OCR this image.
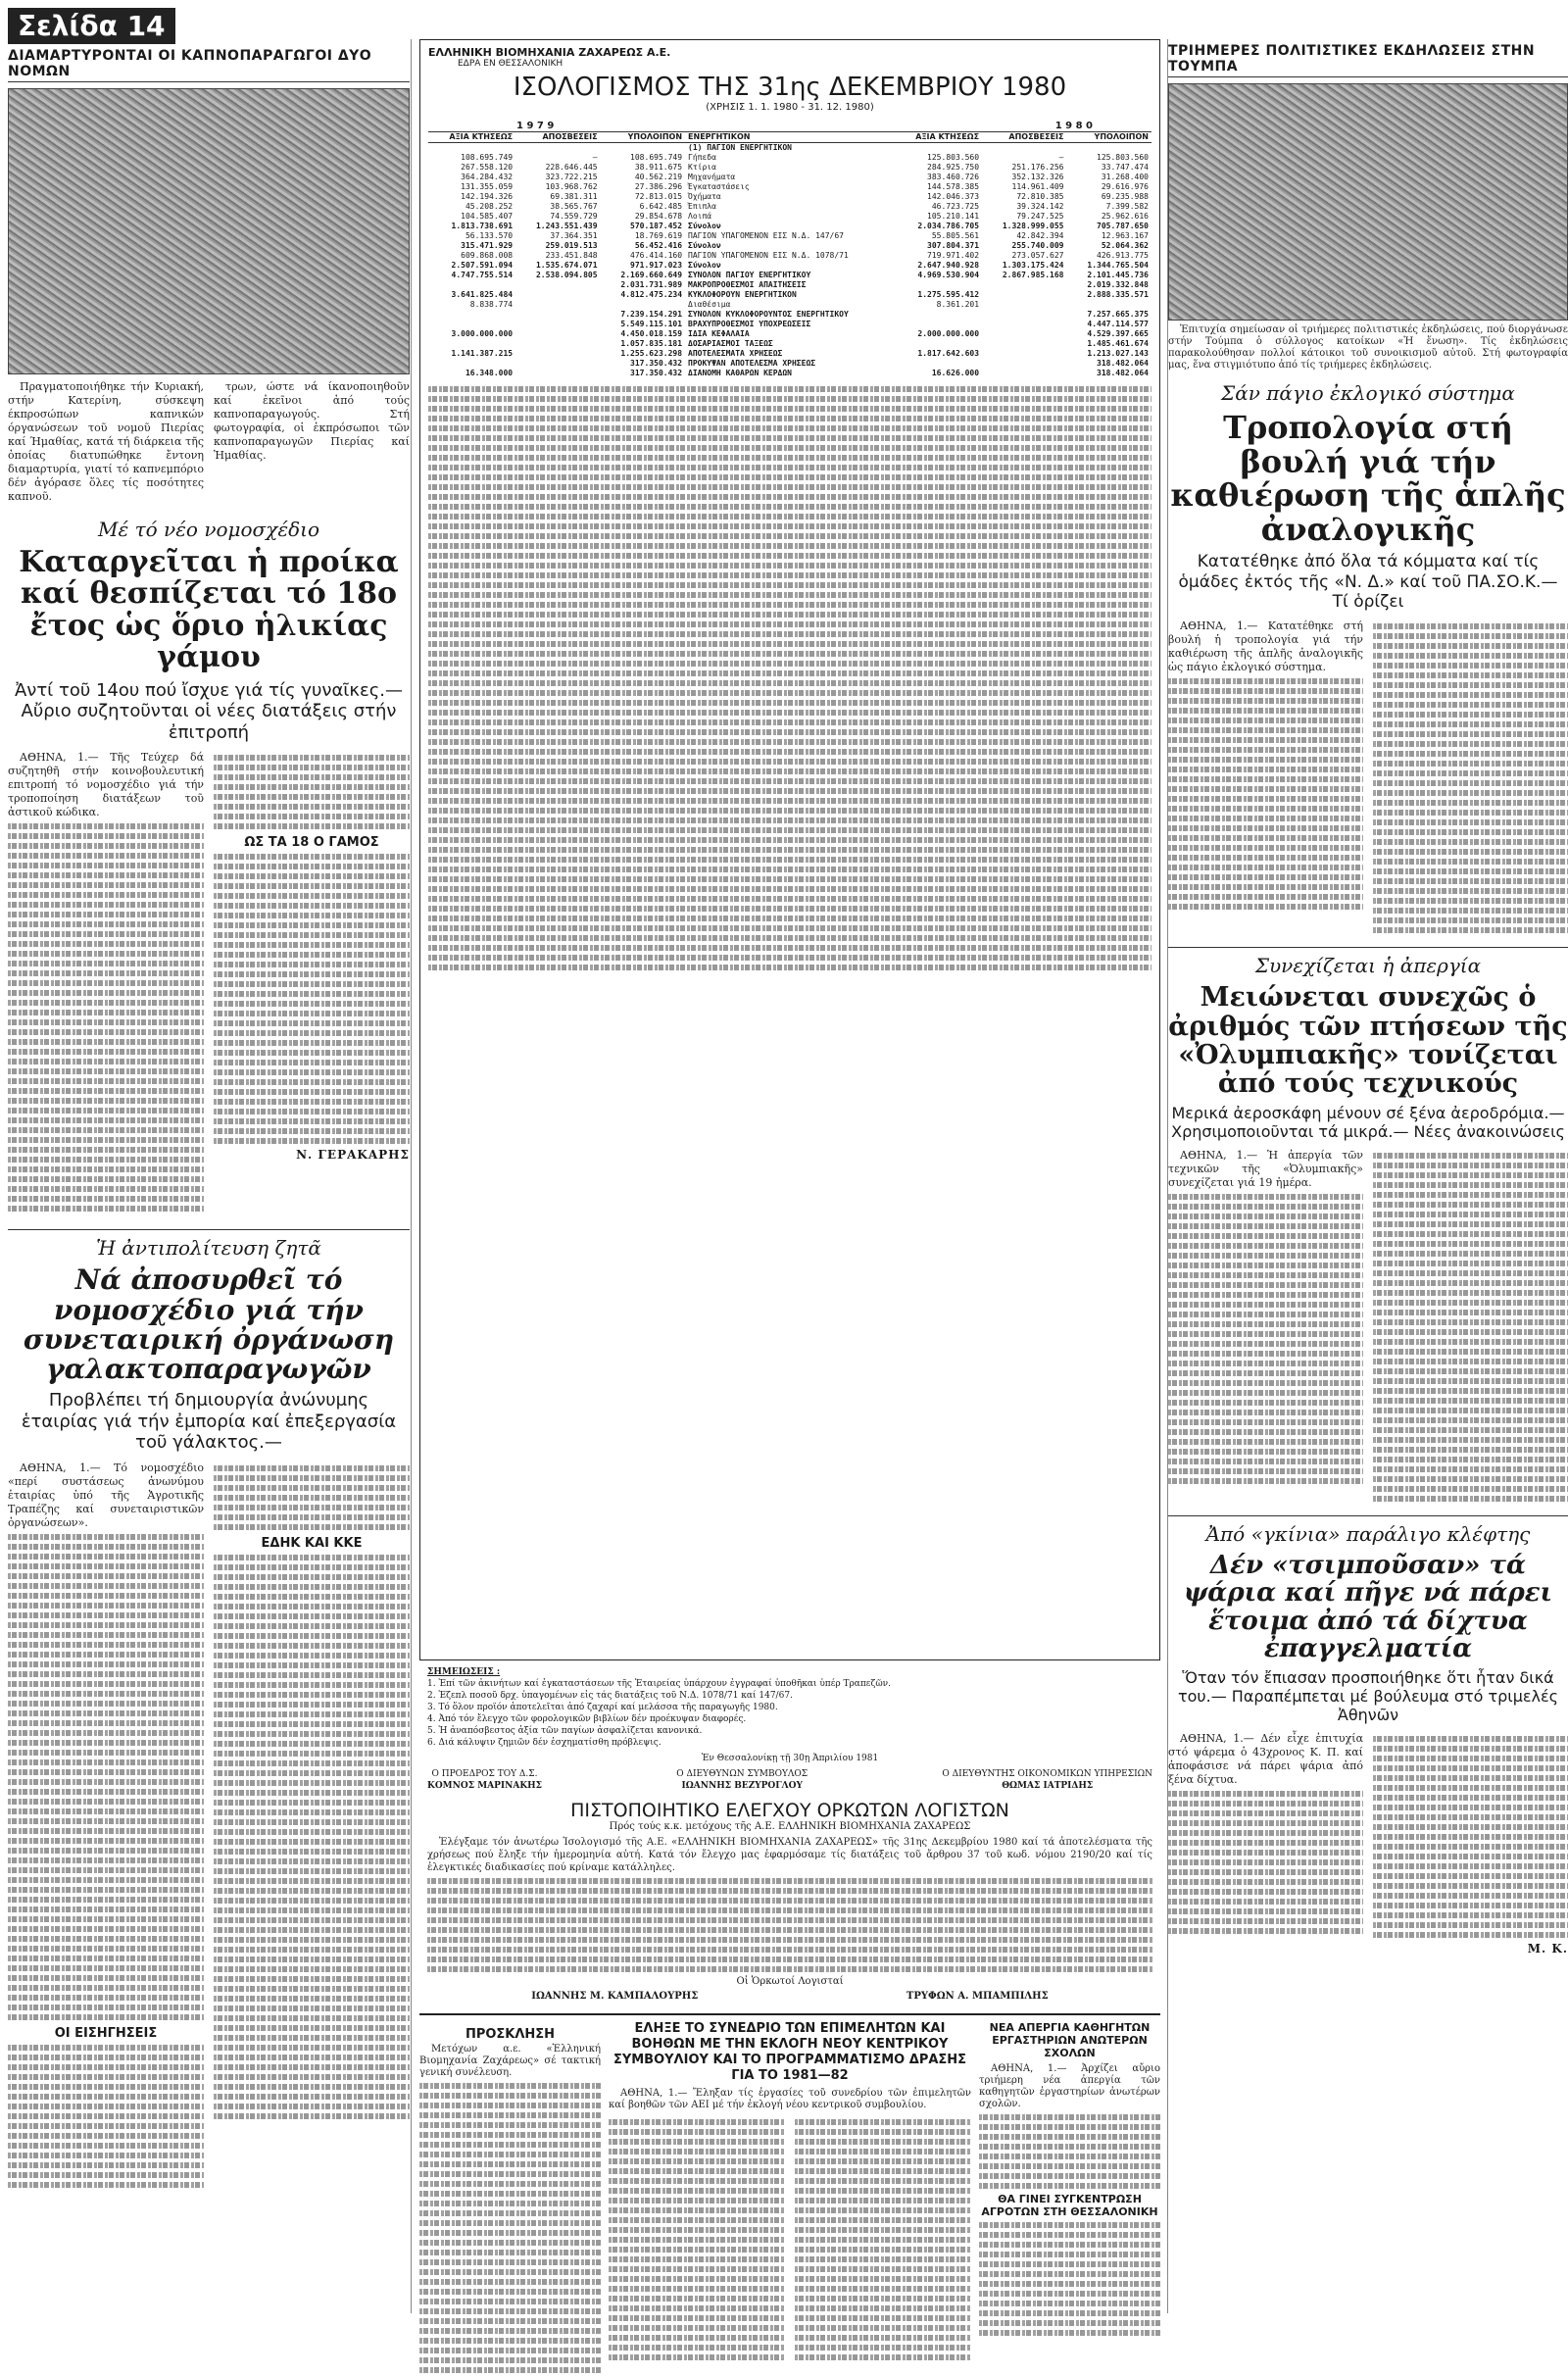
Σελίδα 14
ΔΙΑΜΑΡΤΥΡΟΝΤΑΙ ΟΙ ΚΑΠΝΟΠΑΡΑΓΩΓΟΙ ΔΥΟ ΝΟΜΩΝ

Πραγματοποιήθηκε τήν Κυριακή, στήν Κατερίνη, σύσκεψη έκπροσώπων καπνικών όργανώσεων τοῦ νομοῦ Πιερίας καί Ήμαθίας, κατά τή διάρκεια τῆς ὁποίας διατυπώθηκε ἔντονη διαμαρτυρία, γιατί τό καπνεμπόριο δέν ἀγόρασε ὅλες τίς ποσότητες καπνοῦ.

τρων, ώστε νά ίκανοποιηθοῦν καί ἐκεῖνοι ἀπό τούς καπνοπαραγωγούς. Στή φωτογραφία, οἱ ἐκπρόσωποι τῶν καπνοπαραγωγῶν Πιερίας καί Ἠμαθίας.

Μέ τό νέο νομοσχέδιο
Καταργεῖται ἡ προίκα καί θεσπίζεται τό 18ο ἔτος ὡς ὅριο ἡλικίας γάμου
Ἀντί τοῦ 14ου πού ἴσχυε γιά τίς γυναῖκες.— Αὔριο συζητοῦνται οἱ νέες διατάξεις στήν ἐπιτροπή

ΑΘΗΝΑ, 1.— Τῆς Τεύχερ δά συζητηθῆ στήν κοινοβουλευτική επιτροπή τό νομοσχέδιο γιά τήν τροποποίηση διατάξεων τοῦ ἀστικοῦ κώδικα.

ΩΣ ΤΑ 18 Ο ΓΑΜΟΣ
Ν. ΓΕΡΑΚΑΡΗΣ
Ἡ ἀντιπολίτευση ζητᾶ
Νά ἀποσυρθεῖ τό νομοσχέδιο γιά τήν συνεταιρική ὀργάνωση γαλακτοπαραγωγῶν
Προβλέπει τή δημιουργία ἀνώνυμης ἑταιρίας γιά τήν ἐμπορία καί ἐπεξεργασία τοῦ γάλακτος.—

ΑΘΗΝΑ, 1.— Τό νομοσχέδιο «περί συστάσεως ἀνωνύμου ἑταιρίας ὑπό τῆς Ἀγροτικῆς Τραπέζης καί συνεταιριστικῶν ὀργανώσεων».

ΟΙ ΕΙΣΗΓΗΣΕΙΣ
ΕΔΗΚ ΚΑΙ ΚΚΕ
ΕΛΛΗΝΙΚΗ ΒΙΟΜΗΧΑΝΙΑ ΖΑΧΑΡΕΩΣ Α.Ε.
ΕΔΡΑ ΕΝ ΘΕΣΣΑΛΟΝΙΚΗ
ΙΣΟΛΟΓΙΣΜΟΣ ΤΗΣ 31ης ΔΕΚΕΜΒΡΙΟΥ 1980
(ΧΡΗΣΙΣ 1. 1. 1980 - 31. 12. 1980)
1 9 7 9	1 9 8 0
ΑΞΙΑ ΚΤΗΣΕΩΣ	ΑΠΟΣΒΕΣΕΙΣ	ΥΠΟΛΟΙΠΟΝ	ΕΝΕΡΓΗΤΙΚΟΝ	ΑΞΙΑ ΚΤΗΣΕΩΣ	ΑΠΟΣΒΕΣΕΙΣ	ΥΠΟΛΟΙΠΟΝ
			(1) ΠΑΓΙΟΝ ΕΝΕΡΓΗΤΙΚΟΝ			
108.695.749	—	108.695.749	Γήπεδα	125.803.560	—	125.803.560
267.558.120	228.646.445	38.911.675	Κτίρια	284.925.750	251.176.256	33.747.474
364.284.432	323.722.215	40.562.219	Μηχανήματα	383.460.726	352.132.326	31.268.400
131.355.059	103.968.762	27.386.296	Ἐγκαταστάσεις	144.578.385	114.961.409	29.616.976
142.194.326	69.381.311	72.813.015	Ὀχήματα	142.046.373	72.810.385	69.235.988
45.208.252	38.565.767	6.642.485	Ἐπιπλα	46.723.725	39.324.142	7.399.582
104.585.407	74.559.729	29.854.678	Λοιπά	105.210.141	79.247.525	25.962.616
1.813.738.691	1.243.551.439	570.187.452	Σύνολον	2.034.786.705	1.328.999.055	705.787.650
56.133.570	37.364.351	18.769.619	ΠΑΓΙΟΝ ΥΠΑΓΟΜΕΝΟΝ ΕΙΣ Ν.Δ. 147/67	55.805.561	42.842.394	12.963.167
315.471.929	259.019.513	56.452.416	Σύνολον	307.804.371	255.740.009	52.064.362
609.868.008	233.451.848	476.414.160	ΠΑΓΙΟΝ ΥΠΑΓΟΜΕΝΟΝ ΕΙΣ Ν.Δ. 1078/71	719.971.402	273.057.627	426.913.775
2.507.591.094	1.535.674.071	971.917.023	Σύνολον	2.647.940.928	1.303.175.424	1.344.765.504
4.747.755.514	2.538.094.805	2.169.660.649	ΣΥΝΟΛΟΝ ΠΑΓΙΟΥ ΕΝΕΡΓΗΤΙΚΟΥ	4.969.530.904	2.867.985.168	2.101.445.736
		2.031.731.989	ΜΑΚΡΟΠΡΟΘΕΣΜΟΙ ΑΠΑΙΤΗΣΕΙΣ			2.019.332.848
3.641.825.484		4.812.475.234	ΚΥΚΛΟΦΟΡΟΥΝ ΕΝΕΡΓΗΤΙΚΟΝ	1.275.595.412		2.888.335.571
8.838.774			Διαθέσιμα	8.361.201		
		7.239.154.291	ΣΥΝΟΛΟΝ ΚΥΚΛΟΦΟΡΟΥΝΤΟΣ ΕΝΕΡΓΗΤΙΚΟΥ			7.257.665.375
		5.549.115.101	ΒΡΑΧΥΠΡΟΘΕΣΜΟΙ ΥΠΟΧΡΕΩΣΕΙΣ			4.447.114.577
3.000.000.000		4.450.018.159	ΙΔΙΑ ΚΕΦΑΛΑΙΑ	2.000.000.000		4.529.397.665
		1.057.835.181	ΔΟΣΑΡΙΑΣΜΟΙ ΤΑΞΕΩΣ			1.485.461.674
1.141.387.215		1.255.623.298	ΑΠΟΤΕΛΕΣΜΑΤΑ ΧΡΗΣΕΩΣ	1.817.642.603		1.213.027.143
		317.350.432	ΠΡΟΚΥΨΑΝ ΑΠΟΤΕΛΕΣΜΑ ΧΡΗΣΕΩΣ			318.482.064
16.348.000		317.350.432	ΔΙΑΝΟΜΗ ΚΑΘΑΡΩΝ ΚΕΡΔΩΝ	16.626.000		318.482.064
ΣΗΜΕΙΩΣΕΙΣ :
1. Ἐπί τῶν ἀκινήτων καί ἐγκαταστάσεων τῆς Ἑταιρείας ὑπάρχουν ἐγγραφαί ὑποθῆκαι ὑπέρ Τραπεζῶν.
2. Ἐζεπλ ποσοῦ δρχ. ὑπαγομένων εἰς τάς διατάξεις τοῦ Ν.Δ. 1078/71 καί 147/67.
3. Τό ὅλον προϊόν ἀποτελεῖται ἀπό ζαχαρί καί μελάσσα τῆς παραγωγῆς 1980.
4. Ἀπό τόν ἔλεγχο τῶν φορολογικῶν βιβλίων δέν προέκυψαν διαφορές.
5. Ἡ ἀναπόσβεστος ἀξία τῶν παγίων ἀσφαλίζεται κανονικά.
6. Διά κάλυψιν ζημιῶν δέν ἐσχηματίσθη πρόβλεψις.
Ἐν Θεσσαλονίκῃ τῇ 30ῃ Ἀπριλίου 1981
Ο ΠΡΟΕΔΡΟΣ ΤΟΥ Δ.Σ.
ΚΟΜΝΟΣ ΜΑΡΙΝΑΚΗΣ
Ο ΔΙΕΥΘΥΝΩΝ ΣΥΜΒΟΥΛΟΣ
ΙΩΑΝΝΗΣ ΒΕΖΥΡΟΓΛΟΥ
Ο ΔΙΕΥΘΥΝΤΗΣ ΟΙΚΟΝΟΜΙΚΩΝ ΥΠΗΡΕΣΙΩΝ
ΘΩΜΑΣ ΙΑΤΡΙΔΗΣ
ΠΙΣΤΟΠΟΙΗΤΙΚΟ ΕΛΕΓΧΟΥ ΟΡΚΩΤΩΝ ΛΟΓΙΣΤΩΝ
Πρός τούς κ.κ. μετόχους τῆς Α.Ε. ΕΛΛΗΝΙΚΗ ΒΙΟΜΗΧΑΝΙΑ ΖΑΧΑΡΕΩΣ

Ἐλέγξαμε τόν ἀνωτέρω Ἰσολογισμό τῆς Α.Ε. «ΕΛΛΗΝΙΚΗ ΒΙΟΜΗΧΑΝΙΑ ΖΑΧΑΡΕΩΣ» τῆς 31ης Δεκεμβρίου 1980 καί τά ἀποτελέσματα τῆς χρήσεως πού ἔληξε τήν ἡμερομηνία αὐτή. Κατά τόν ἔλεγχο μας ἐφαρμόσαμε τίς διατάξεις τοῦ ἄρθρου 37 τοῦ κωδ. νόμου 2190/20 καί τίς ἐλεγκτικές διαδικασίες πού κρίναμε κατάλληλες.

Οἱ Ὁρκωτοί Λογισταί
ΙΩΑΝΝΗΣ Μ. ΚΑΜΠΑΛΟΥΡΗΣ	ΤΡΥΦΩΝ Α. ΜΠΑΜΠΙΛΗΣ
ΠΡΟΣΚΛΗΣΗ

Μετόχων α.ε. «Ἑλληνική Βιομηχανία Ζαχάρεως» σέ τακτική γενική συνέλευση.

ΕΛΗΞΕ ΤΟ ΣΥΝΕΔΡΙΟ ΤΩΝ ΕΠΙΜΕΛΗΤΩΝ ΚΑΙ ΒΟΗΘΩΝ ΜΕ ΤΗΝ ΕΚΛΟΓΗ ΝΕΟΥ ΚΕΝΤΡΙΚΟΥ ΣΥΜΒΟΥΛΙΟΥ ΚΑΙ ΤΟ ΠΡΟΓΡΑΜΜΑΤΙΣΜΟ ΔΡΑΣΗΣ ΓΙΑ ΤΟ 1981—82

ΑΘΗΝΑ, 1.— Ἔληξαν τίς ἐργασίες τοῦ συνεδρίου τῶν ἐπιμελητῶν καί βοηθῶν τῶν ΑΕΙ μέ τήν ἐκλογή νέου κεντρικοῦ συμβουλίου.

ΝΕΑ ΑΠΕΡΓΙΑ ΚΑΘΗΓΗΤΩΝ ΕΡΓΑΣΤΗΡΙΩΝ ΑΝΩΤΕΡΩΝ ΣΧΟΛΩΝ

ΑΘΗΝΑ, 1.— Ἀρχίζει αὔριο τριήμερη νέα ἀπεργία τῶν καθηγητῶν ἐργαστηρίων ἀνωτέρων σχολῶν.

ΘΑ ΓΙΝΕΙ ΣΥΓΚΕΝΤΡΩΣΗ ΑΓΡΟΤΩΝ ΣΤΗ ΘΕΣΣΑΛΟΝΙΚΗ
ΤΡΙΗΜΕΡΕΣ ΠΟΛΙΤΙΣΤΙΚΕΣ ΕΚΔΗΛΩΣΕΙΣ ΣΤΗΝ ΤΟΥΜΠΑ

Ἐπιτυχία σημείωσαν οἱ τριήμερες πολιτιστικές ἐκδηλώσεις, πού διοργάνωσε στήν Τούμπα ὁ σύλλογος κατοίκων «Ἡ ἕνωση». Τίς ἐκδηλώσεις παρακολούθησαν πολλοί κάτοικοι τοῦ συνοικισμοῦ αὐτοῦ. Στή φωτογραφία μας, ἕνα στιγμιότυπο ἀπό τίς τριήμερες ἐκδηλώσεις.

Σάν πάγιο ἐκλογικό σύστημα
Τροπολογία στή βουλή γιά τήν καθιέρωση τῆς ἁπλῆς ἀναλογικῆς
Κατατέθηκε ἀπό ὅλα τά κόμματα καί τίς ὁμάδες ἐκτός τῆς «Ν. Δ.» καί τοῦ ΠΑ.ΣΟ.Κ.— Τί ὁρίζει

ΑΘΗΝΑ, 1.— Κατατέθηκε στή βουλή ἡ τροπολογία γιά τήν καθιέρωση τῆς ἁπλῆς ἀναλογικῆς ὡς πάγιο ἐκλογικό σύστημα.

Συνεχίζεται ἡ ἀπεργία
Μειώνεται συνεχῶς ὁ ἀριθμός τῶν πτήσεων τῆς «Ὀλυμπιακῆς» τονίζεται ἀπό τούς τεχνικούς
Μερικά ἀεροσκάφη μένουν σέ ξένα ἀεροδρόμια.— Χρησιμοποιοῦνται τά μικρά.— Νέες ἀνακοινώσεις

ΑΘΗΝΑ, 1.— Ἡ ἀπεργία τῶν τεχνικῶν τῆς «Ὀλυμπιακῆς» συνεχίζεται γιά 19 ἡμέρα.

Ἀπό «γκίνια» παράλιγο κλέφτης
Δέν «τσιμποῦσαν» τά ψάρια καί πῆγε νά πάρει ἕτοιμα ἀπό τά δίχτυα ἐπαγγελματία
Ὅταν τόν ἔπιασαν προσποιήθηκε ὅτι ἦταν δικά του.— Παραπέμπεται μέ βούλευμα στό τριμελές Ἀθηνῶν

ΑΘΗΝΑ, 1.— Δέν εἶχε ἐπιτυχία στό ψάρεμα ὁ 43χρονος Κ. Π. καί ἀποφάσισε νά πάρει ψάρια ἀπό ξένα δίχτυα.

Μ. Κ.
